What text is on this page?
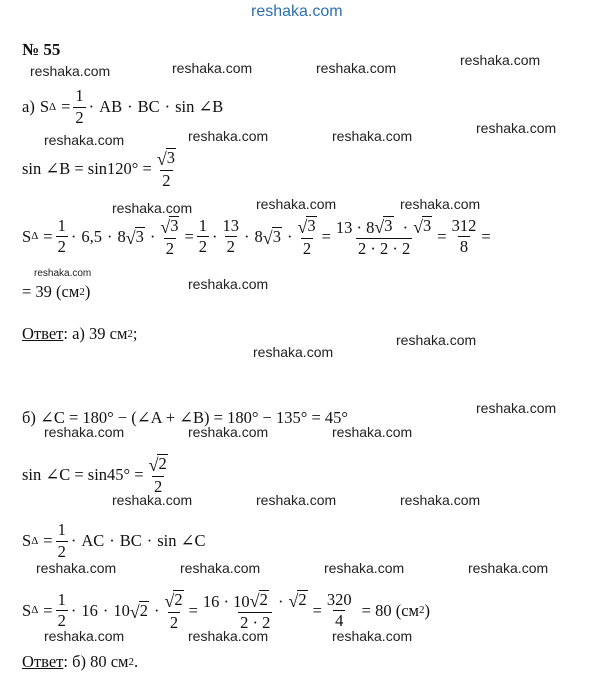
reshaka.com
reshaka.com	reshaka.com	reshaka.com	reshaka.com
reshaka.com	reshaka.com	reshaka.com	reshaka.com
reshaka.com	reshaka.com	reshaka.com
reshaka.com
reshaka.com
reshaka.com
reshaka.com
reshaka.com
reshaka.com	reshaka.com	reshaka.com
reshaka.com	reshaka.com	reshaka.com
reshaka.com	reshaka.com	reshaka.com	reshaka.com
reshaka.com	reshaka.com	reshaka.com
№ 55
а) S $\Delta = \frac{1}{2}$ · AB · BC · sin ∠B
sin ∠B = $\sin 120^\circ = \frac{√ 3}{2}$
S $\Delta = \frac{1}{2} \cdot 6,5 \cdot 8$ √ $3 \cdot \frac{√ 3}{2} = \frac{1}{2} \cdot \frac{13}{2} \cdot 8$ √ $3 \cdot \frac{√ 3}{2} = \frac{13 \cdot 8 √ 3 \cdot √ 3}{2 \cdot 2 \cdot 2} = \frac{312}{8}$ =
= 39 (см 2 )
Ответ : а) 39 см 2 ;
б) ∠C = 180° − (∠A + ∠B) = 180° − 135° = 45°
sin ∠C = $\sin 45^\circ = \frac{√ 2}{2}$
S $\Delta = \frac{1}{2}$ · AC · BC · sin ∠C
S $\Delta = \frac{1}{2} \cdot 16 \cdot 10$ √ $2 \cdot \frac{√ 2}{2} = \frac{16 \cdot 10 √ 2 \cdot √ 2}{2 \cdot 2} = \frac{320}{4} = 80$ (см 2 )
Ответ : б) 80 см 2 .
